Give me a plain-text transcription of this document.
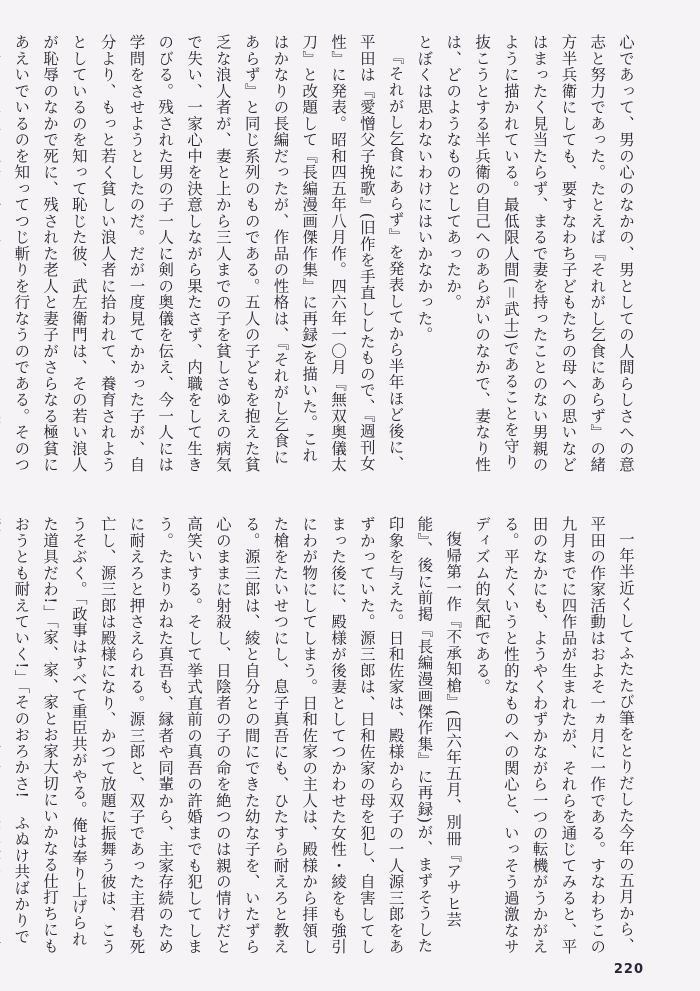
心であって、男の心のなかの、男としての人間らしさへの意志と努力であった。たとえば『それがし乞食にあらず』の緒方半兵衛にしても、要すなわち子どもたちの母への思いなどはまったく見当たらず、まるで妻を持ったことのない男親のように描かれている。最低限人間(＝武士)であることを守り抜こうとする半兵衛の自己へのあらがいのなかで、妻なり性は、どのようなものとしてあったか。

とぼくは思わないわけにはいかなかった。

『それがし乞食にあらず』を発表してから半年ほど後に、平田は『愛憎父子挽歌』(旧作を手直ししたもので、『週刊女性』に発表。昭和四五年八月作。四六年一〇月『無双奥儀太刀』と改題して『長編漫画傑作集』に再録)を描いた。これはかなりの長編だったが、作品の性格は、『それがし乞食にあらず』と同じ系列のものである。五人の子どもを抱えた貧乏な浪人者が、妻と上から三人までの子を貧しさゆえの病気で失い、一家心中を決意しながら果たさず、内職をして生きのびる。残された男の子一人に剣の奥儀を伝え、今一人には学問をさせようとしたのだ。だが一度見てかかった子が、自分より、もっと若く貧しい浪人者に拾われて、養育されようとしているのを知って恥じた彼、武左衛門は、その若い浪人が恥辱のなかで死に、残された老人と妻子がさらなる極貧にあえいでいるのを知ってつじ斬りを行なうのである。そのつ

一年半近くしてふたたび筆をとりだした今年の五月から、平田の作家活動はおよそ一ヵ月に一作である。すなわちこの九月までに四作品が生まれたが、それらを通じてみると、平田のなかにも、ようやくわずかながら一つの転機がうかがえる。平たくいうと性的なものへの関心と、いっそう過激なサディズム的気配である。

復帰第一作『不承知槍』(四六年五月、別冊『アサヒ芸能』、後に前掲『長編漫画傑作集』に再録)が、まずそうした印象を与えた。日和佐家は、殿様から双子の一人源三郎をあずかっていた。源三郎は、日和佐家の母を犯し、自害してしまった後に、殿様が後妻としてつかわせた女性・綾をも強引にわが物にしてしまう。日和佐家の主人は、殿様から拝領した槍をたいせつにし、息子真吾にも、ひたすら耐えろと教える。源三郎は、綾と自分との間にできた幼な子を、いたずら心のままに射殺し、日陰者の子の命を絶つのは親の情けだと高笑いする。そして挙式直前の真吾の許婚までも犯してしまう。たまりかねた真吾も、縁者や同輩から、主家存続のために耐えろと押さえられる。源三郎と、双子であった主君も死亡し、源三郎は殿様になり、かつて放題に振舞う彼は、こううそぶく。「政事はすべて重臣共がやる。俺は奉り上げられた道具だわ!」「家、家、家とお家大切にいかなる仕打ちにもおうとも耐えていく!」「そのおろかさ!　ふぬけ共ばかりで

220
